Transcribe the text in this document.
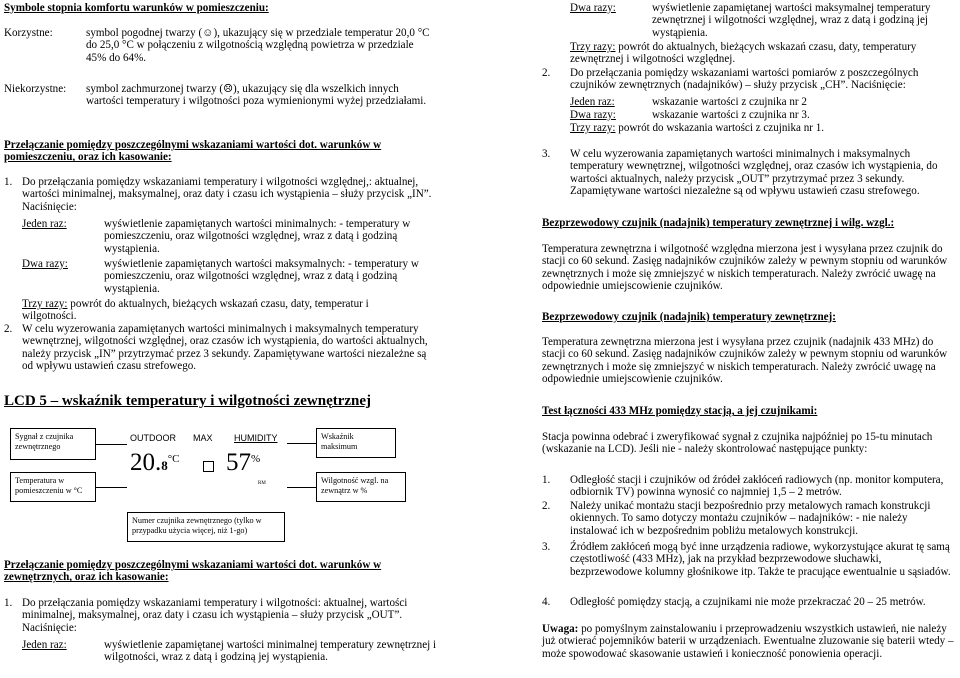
Symbole stopnia komfortu warunków w pomieszczeniu:
Korzystne:	symbol pogodnej twarzy (☺), ukazujący się w przedziale temperatur 20,0 °C do 25,0 °C w połączeniu z wilgotnością względną powietrza w przedziale 45% do 64%.
Niekorzystne: symbol zachmurzonej twarzy (☹), ukazujący się dla wszelkich innych wartości temperatury i wilgotności poza wymienionymi wyżej przedziałami.
Przełączanie pomiędzy poszczególnymi wskazaniami wartości dot. warunków w pomieszczeniu, oraz ich kasowanie:
1. Do przełączania pomiędzy wskazaniami temperatury i wilgotności względnej,: aktualnej, wartości minimalnej, maksymalnej, oraz daty i czasu ich wystąpienia – służy przycisk „IN”. Naciśnięcie:
Jeden raz:	wyświetlenie zapamiętanych wartości minimalnych: - temperatury w pomieszczeniu, oraz wilgotności względnej, wraz z datą i godziną wystąpienia.
Dwa razy:	wyświetlenie zapamiętanych wartości maksymalnych: - temperatury w pomieszczeniu, oraz wilgotności względnej, wraz z datą i godziną wystąpienia.
Trzy razy: powrót do aktualnych, bieżących wskazań czasu, daty, temperatur i wilgotności.
2. W celu wyzerowania zapamiętanych wartości minimalnych i maksymalnych temperatury wewnętrznej, wilgotności względnej, oraz czasów ich wystąpienia, do wartości aktualnych, należy przycisk „IN” przytrzymać przez 3 sekundy. Zapamiętywane wartości niezależne są od wpływu ustawień czasu strefowego.
LCD 5 – wskaźnik temperatury i wilgotności zewnętrznej
Sygnał z czujnika zewnętrznego
Temperatura w pomieszczeniu w °C
Wskaźnik maksimum
Wilgotność wzgl. na zewnątrz w %
Numer czujnika zewnętrznego (tylko w przypadku użycia więcej, niż 1-go)
OUTDOOR MAX HUMIDITY
$20.8^{^\circ C}$ 57%
RM
Przełączanie pomiędzy poszczególnymi wskazaniami wartości dot. warunków w zewnętrznych, oraz ich kasowanie:
1. Do przełączania pomiędzy wskazaniami temperatury i wilgotności: aktualnej, wartości minimalnej, maksymalnej, oraz daty i czasu ich wystąpienia – służy przycisk „OUT”. Naciśnięcie:
Jeden raz:	wyświetlenie zapamiętanej wartości minimalnej temperatury zewnętrznej i wilgotności, wraz z datą i godziną jej wystąpienia.
Dwa razy:	wyświetlenie zapamiętanej wartości maksymalnej temperatury zewnętrznej i wilgotności względnej, wraz z datą i godziną jej wystąpienia.
Trzy razy: powrót do aktualnych, bieżących wskazań czasu, daty, temperatury zewnętrznej i wilgotności względnej.
2. Do przełączania pomiędzy wskazaniami wartości pomiarów z poszczególnych czujników zewnętrznych (nadajników) – służy przycisk „CH”. Naciśnięcie:
Jeden raz:	wskazanie wartości z czujnika nr 2
Dwa razy:	wskazanie wartości z czujnika nr 3.
Trzy razy: powrót do wskazania wartości z czujnika nr 1.
3. W celu wyzerowania zapamiętanych wartości minimalnych i maksymalnych temperatury wewnętrznej, wilgotności względnej, oraz czasów ich wystąpienia, do wartości aktualnych, należy przycisk „OUT” przytrzymać przez 3 sekundy. Zapamiętywane wartości niezależne są od wpływu ustawień czasu strefowego.
Bezprzewodowy czujnik (nadajnik) temperatury zewnętrznej i wilg. wzgl.:
Temperatura zewnętrzna i wilgotność względna mierzona jest i wysyłana przez czujnik do stacji co 60 sekund. Zasięg nadajników czujników zależy w pewnym stopniu od warunków zewnętrznych i może się zmniejszyć w niskich temperaturach. Należy zwrócić uwagę na odpowiednie umiejscowienie czujników.
Bezprzewodowy czujnik (nadajnik) temperatury zewnętrznej:
Temperatura zewnętrzna mierzona jest i wysyłana przez czujnik (nadajnik 433 MHz) do stacji co 60 sekund. Zasięg nadajników czujników zależy w pewnym stopniu od warunków zewnętrznych i może się zmniejszyć w niskich temperaturach. Należy zwrócić uwagę na odpowiednie umiejscowienie czujników.
Test łączności 433 MHz pomiędzy stacją, a jej czujnikami:
Stacja powinna odebrać i zweryfikować sygnał z czujnika najpóźniej po 15-tu minutach (wskazanie na LCD). Jeśli nie - należy skontrolować następujące punkty:
1. Odległość stacji i czujników od źródeł zakłóceń radiowych (np. monitor komputera, odbiornik TV) powinna wynosić co najmniej 1,5 – 2 metrów.
2. Należy unikać montażu stacji bezpośrednio przy metalowych ramach konstrukcji okiennych. To samo dotyczy montażu czujników – nadajników: - nie należy instalować ich w bezpośrednim pobliżu metalowych konstrukcji.
3. Źródłem zakłóceń mogą być inne urządzenia radiowe, wykorzystujące akurat tę samą częstotliwość (433 MHz), jak na przykład bezprzewodowe słuchawki, bezprzewodowe kolumny głośnikowe itp. Także te pracujące ewentualnie u sąsiadów.
4. Odległość pomiędzy stacją, a czujnikami nie może przekraczać 20 – 25 metrów.
Uwaga: po pomyślnym zainstalowaniu i przeprowadzeniu wszystkich ustawień, nie należy już otwierać pojemników baterii w urządzeniach. Ewentualne zluzowanie się baterii wtedy – może spowodować skasowanie ustawień i konieczność ponowienia operacji.
